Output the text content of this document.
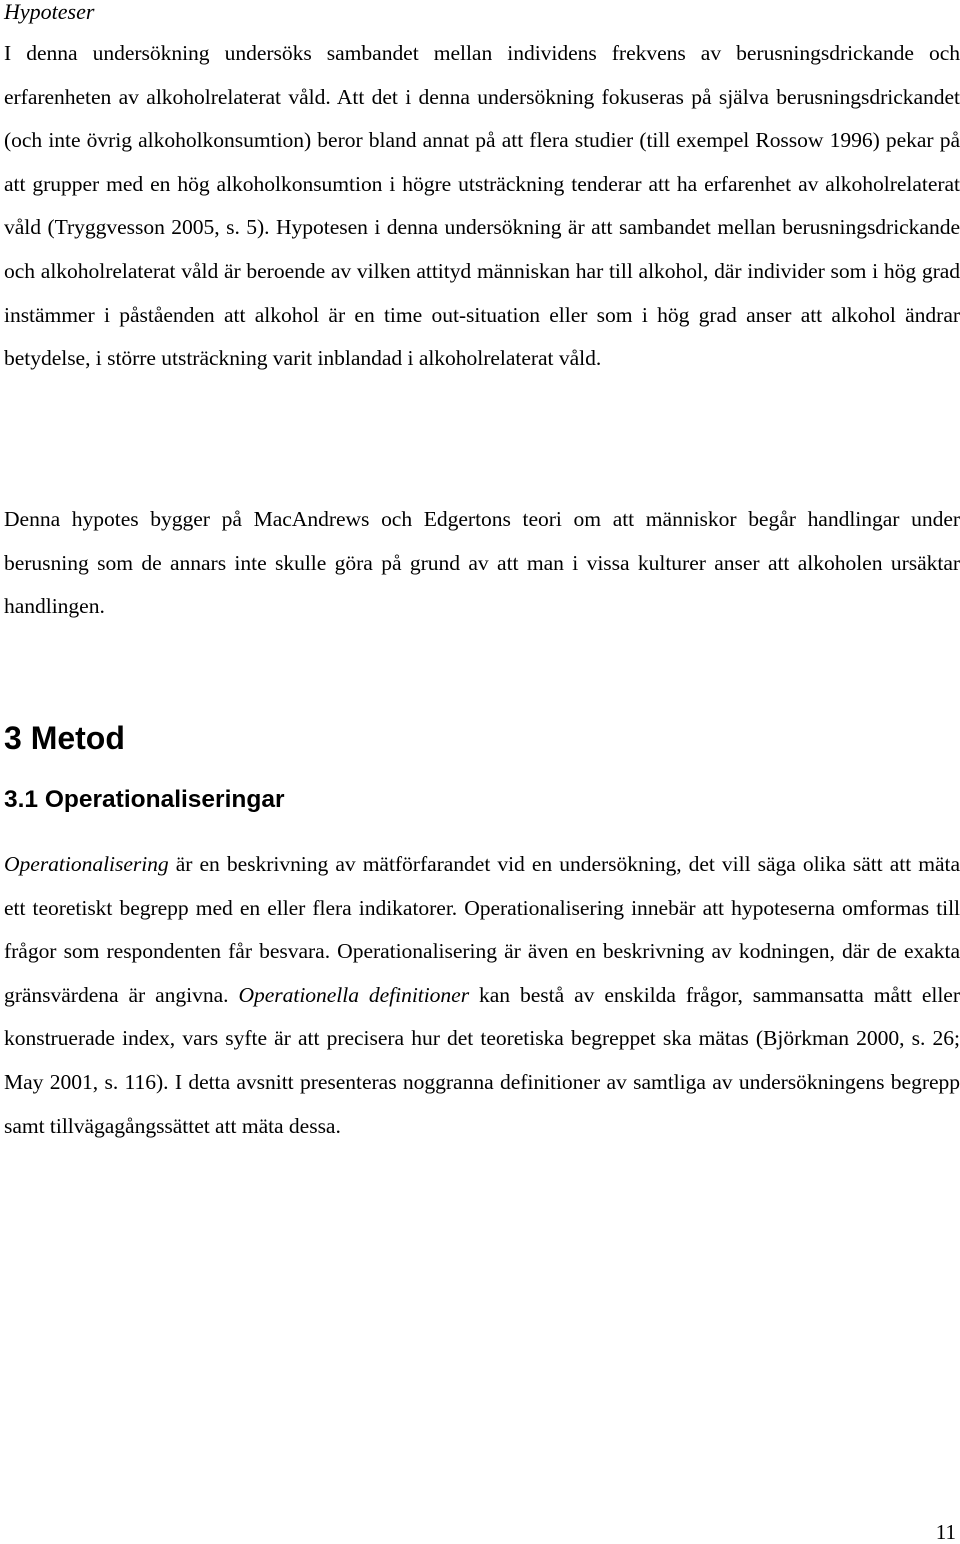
Hypoteser

I denna undersökning undersöks sambandet mellan individens frekvens av berusningsdrickande och erfarenheten av alkoholrelaterat våld. Att det i denna undersökning fokuseras på själva berusningsdrickandet (och inte övrig alkoholkonsumtion) beror bland annat på att flera studier (till exempel Rossow 1996) pekar på att grupper med en hög alkoholkonsumtion i högre utsträckning tenderar att ha erfarenhet av alkoholrelaterat våld (Tryggvesson 2005, s. 5). Hypotesen i denna undersökning är att sambandet mellan berusningsdrickande och alkoholrelaterat våld är beroende av vilken attityd människan har till alkohol, där individer som i hög grad instämmer i påståenden att alkohol är en time out-situation eller som i hög grad anser att alkohol ändrar betydelse, i större utsträckning varit inblandad i alkoholrelaterat våld.

Denna hypotes bygger på MacAndrews och Edgertons teori om att människor begår handlingar under berusning som de annars inte skulle göra på grund av att man i vissa kulturer anser att alkoholen ursäktar handlingen.

3 Metod
3.1 Operationaliseringar

Operationalisering är en beskrivning av mätförfarandet vid en undersökning, det vill säga olika sätt att mäta ett teoretiskt begrepp med en eller flera indikatorer. Operationalisering innebär att hypoteserna omformas till frågor som respondenten får besvara. Operationalisering är även en beskrivning av kodningen, där de exakta gränsvärdena är angivna. Operationella definitioner kan bestå av enskilda frågor, sammansatta mått eller konstruerade index, vars syfte är att precisera hur det teoretiska begreppet ska mätas (Björkman 2000, s. 26; May 2001, s. 116). I detta avsnitt presenteras noggranna definitioner av samtliga av undersökningens begrepp samt tillvägagångssättet att mäta dessa.

11
